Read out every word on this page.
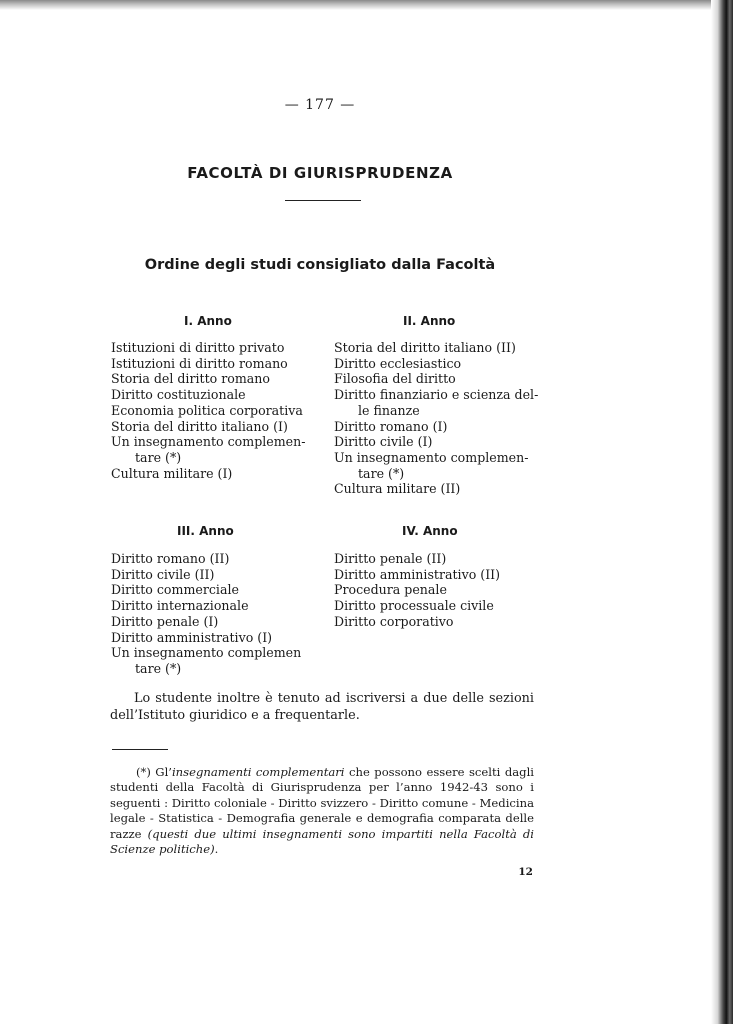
— 177 —
FACOLTÀ DI GIURISPRUDENZA
Ordine degli studi consigliato dalla Facoltà
I. Anno
Istituzioni di diritto privato
Istituzioni di diritto romano
Storia del diritto romano
Diritto costituzionale
Economia politica corporativa
Storia del diritto italiano (I)
Un insegnamento complemen-
tare (*)
Cultura militare (I)
II. Anno
Storia del diritto italiano (II)
Diritto ecclesiastico
Filosofia del diritto
Diritto finanziario e scienza del-
le finanze
Diritto romano (I)
Diritto civile (I)
Un insegnamento complemen-
tare (*)
Cultura militare (II)
III. Anno
Diritto romano (II)
Diritto civile (II)
Diritto commerciale
Diritto internazionale
Diritto penale (I)
Diritto amministrativo (I)
Un insegnamento complemen
tare (*)
IV. Anno
Diritto penale (II)
Diritto amministrativo (II)
Procedura penale
Diritto processuale civile
Diritto corporativo
Lo studente inoltre è tenuto ad iscriversi a due delle sezioni dell’Istituto giuridico e a frequentarle.
(*) Gl’insegnamenti complementari che possono essere scelti dagli studenti della Facoltà di Giurisprudenza per l’anno 1942-43 sono i seguenti : Diritto coloniale - Diritto svizzero - Diritto comune - Medicina legale - Statistica - Demografia generale e demografia comparata delle razze (questi due ultimi insegnamenti sono impartiti nella Facoltà di Scienze politiche).
12
